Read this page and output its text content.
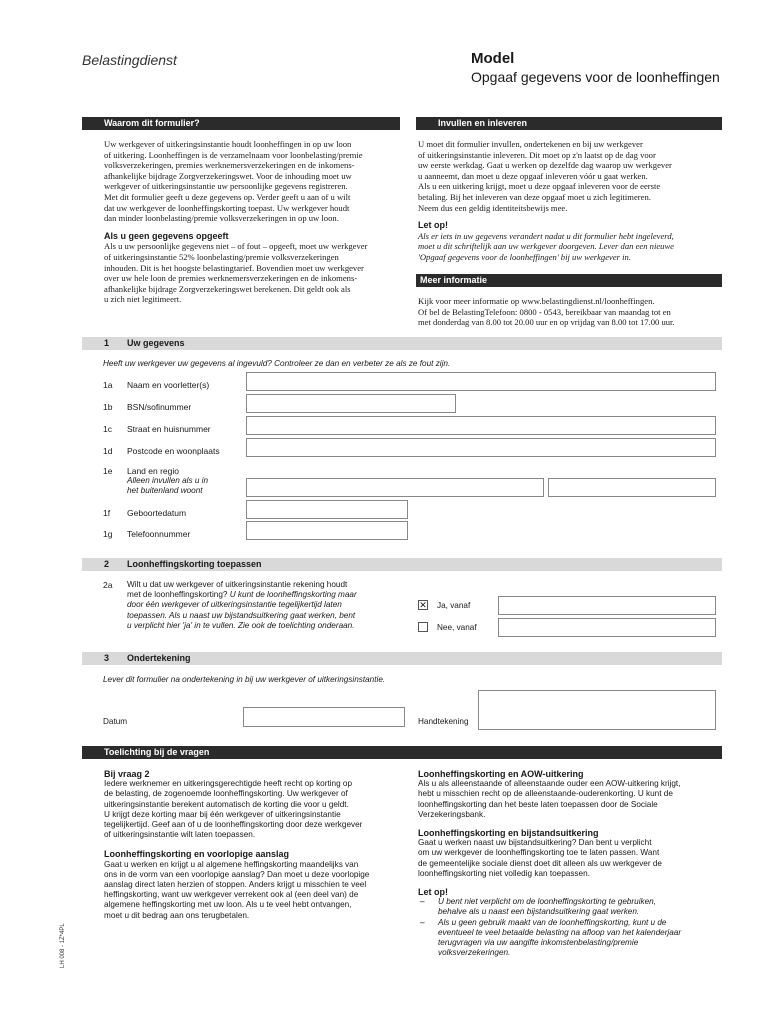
Belastingdienst	Model
Opgaaf gegevens voor de loonheffingen
Waarom dit formulier?

Uw werkgever of uitkeringsinstantie houdt loonheffingen in op uw loon
of uitkering. Loonheffingen is de verzamelnaam voor loonbelasting/premie
volksverzekeringen, premies werknemersverzekeringen en de inkomens-
afhankelijke bijdrage Zorgverzekeringswet. Voor de inhouding moet uw
werkgever of uitkeringsinstantie uw persoonlijke gegevens registreren.
Met dit formulier geeft u deze gegevens op. Verder geeft u aan of u wilt
dat uw werkgever de loonheffingskorting toepast. Uw werkgever houdt
dan minder loonbelasting/premie volksverzekeringen in op uw loon.

Als u geen gegevens opgeeft

Als u uw persoonlijke gegevens niet – of fout – opgeeft, moet uw werkgever
of uitkeringsinstantie 52% loonbelasting/premie volksverzekeringen
inhouden. Dit is het hoogste belastingtarief. Bovendien moet uw werkgever
over uw hele loon de premies werknemersverzekeringen en de inkomens-
afhankelijke bijdrage Zorgverzekeringswet berekenen. Dit geldt ook als
u zich niet legitimeert.

Invullen en inleveren

U moet dit formulier invullen, ondertekenen en bij uw werkgever
of uitkeringsinstantie inleveren. Dit moet op z'n laatst op de dag voor
uw eerste werkdag. Gaat u werken op dezelfde dag waarop uw werkgever
u aanneemt, dan moet u deze opgaaf inleveren vóór u gaat werken.
Als u een uitkering krijgt, moet u deze opgaaf inleveren voor de eerste
betaling. Bij het inleveren van deze opgaaf moet u zich legitimeren.
Neem dus een geldig identiteitsbewijs mee.

Let op!

Als er iets in uw gegevens verandert nadat u dit formulier hebt ingeleverd,
moet u dit schriftelijk aan uw werkgever doorgeven. Lever dan een nieuwe
'Opgaaf gegevens voor de loonheffingen' bij uw werkgever in.

Meer informatie

Kijk voor meer informatie op www.belastingdienst.nl/loonheffingen.
Of bel de BelastingTelefoon: 0800 - 0543, bereikbaar van maandag tot en
met donderdag van 8.00 tot 20.00 uur en op vrijdag van 8.00 tot 17.00 uur.

1 Uw gegevens
Heeft uw werkgever uw gegevens al ingevuld? Controleer ze dan en verbeter ze als ze fout zijn.
1a Naam en voorletter(s)
1b BSN/sofinummer
1c Straat en huisnummer
1d Postcode en woonplaats
1e Land en regio
Alleen invullen als u in
het buitenland woont
1f Geboortedatum
1g Telefoonnummer
2 Loonheffingskorting toepassen
2a Wilt u dat uw werkgever of uitkeringsinstantie rekening houdt
met de loonheffingskorting? U kunt de loonheffingskorting maar
door één werkgever of uitkeringsinstantie tegelijkertijd laten
toepassen. Als u naast uw bijstandsuitkering gaat werken, bent
u verplicht hier 'ja' in te vullen. Zie ook de toelichting onderaan.
✕ Ja, vanaf
Nee, vanaf
3 Ondertekening
Lever dit formulier na ondertekening in bij uw werkgever of uitkeringsinstantie.
Datum	Handtekening
Toelichting bij de vragen

Bij vraag 2

Iedere werknemer en uitkeringsgerechtigde heeft recht op korting op
de belasting, de zogenoemde loonheffingskorting. Uw werkgever of
uitkeringsinstantie berekent automatisch de korting die voor u geldt.
U krijgt deze korting maar bij één werkgever of uitkeringsinstantie
tegelijkertijd. Geef aan of u de loonheffingskorting door deze werkgever
of uitkeringsinstantie wilt laten toepassen.

Loonheffingskorting en voorlopige aanslag

Gaat u werken en krijgt u al algemene heffingskorting maandelijks van
ons in de vorm van een voorlopige aanslag? Dan moet u deze voorlopige
aanslag direct laten herzien of stoppen. Anders krijgt u misschien te veel
heffingskorting, want uw werkgever verrekent ook al (een deel van) de
algemene heffingskorting met uw loon. Als u te veel hebt ontvangen,
moet u dit bedrag aan ons terugbetalen.

Loonheffingskorting en AOW-uitkering

Als u als alleenstaande of alleenstaande ouder een AOW-uitkering krijgt,
hebt u misschien recht op de alleenstaande-ouderenkorting. U kunt de
loonheffingskorting dan het beste laten toepassen door de Sociale
Verzekeringsbank.

Loonheffingskorting en bijstandsuitkering

Gaat u werken naast uw bijstandsuitkering? Dan bent u verplicht
om uw werkgever de loonheffingskorting toe te laten passen. Want
de gemeentelijke sociale dienst doet dit alleen als uw werkgever de
loonheffingskorting niet volledig kan toepassen.

Let op!

– U bent niet verplicht om de loonheffingskorting te gebruiken,
behalve als u naast een bijstandsuitkering gaat werken.
– Als u geen gebruik maakt van de loonheffingskorting, kunt u de
eventueel te veel betaalde belasting na afloop van het kalenderjaar
terugvragen via uw aangifte inkomstenbelasting/premie
volksverzekeringen.
LH 008 - 1Z*4PL
